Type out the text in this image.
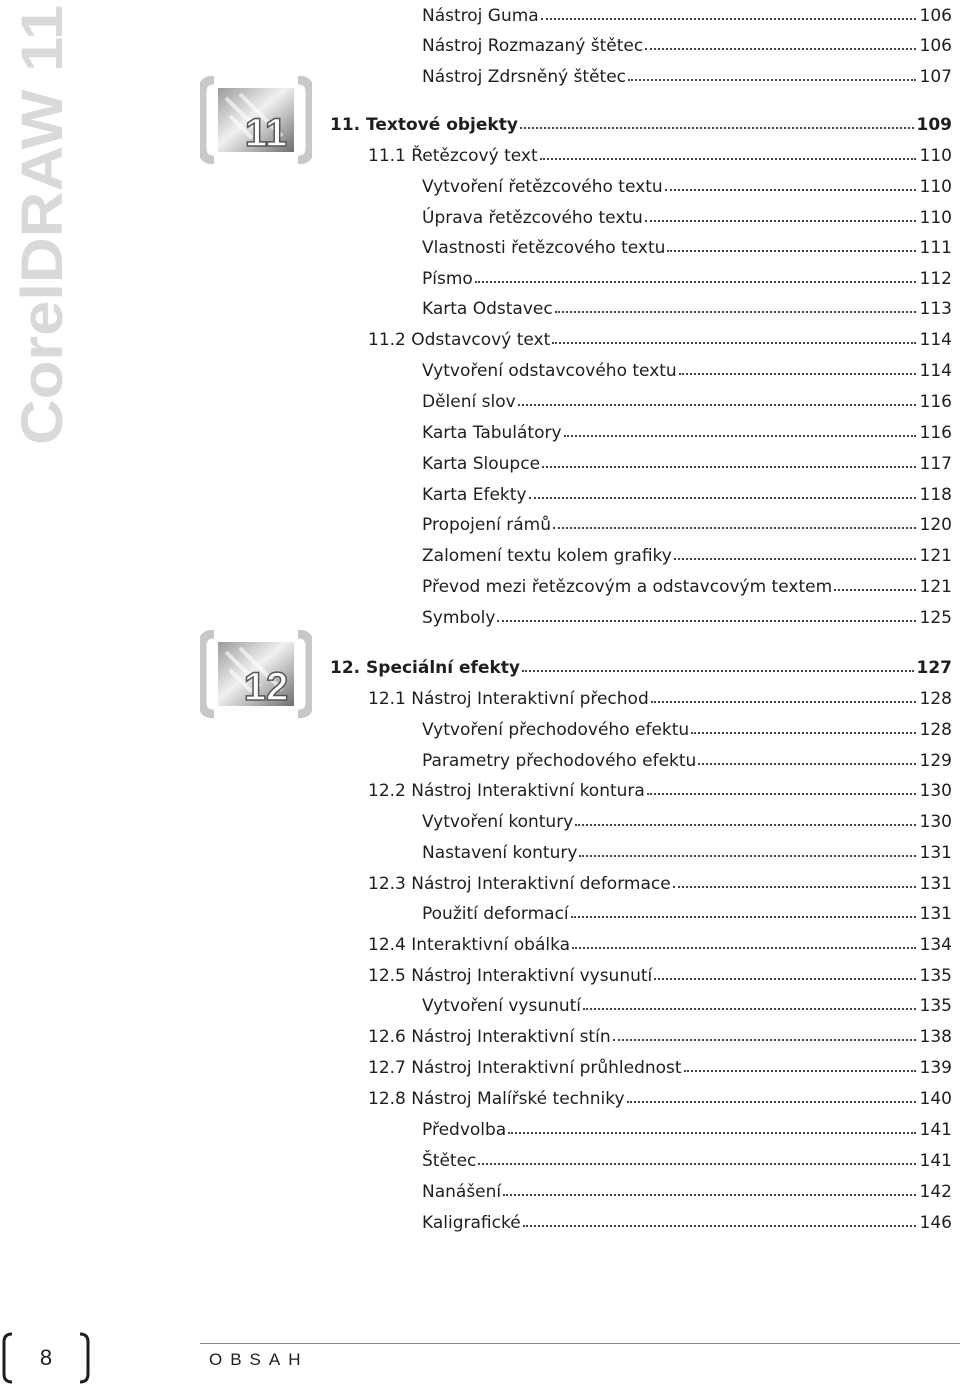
CorelDRAW 11	11
12
Nástroj Guma	106
Nástroj Rozmazaný štětec	106
Nástroj Zdrsněný štětec	107
11. Textové objekty	109
11.1 Řetězcový text	110
Vytvoření řetězcového textu	110
Úprava řetězcového textu	110
Vlastnosti řetězcového textu	111
Písmo	112
Karta Odstavec	113
11.2 Odstavcový text	114
Vytvoření odstavcového textu	114
Dělení slov	116
Karta Tabulátory	116
Karta Sloupce	117
Karta Efekty	118
Propojení rámů	120
Zalomení textu kolem grafiky	121
Převod mezi řetězcovým a odstavcovým textem	121
Symboly	125
12. Speciální efekty	127
12.1 Nástroj Interaktivní přechod	128
Vytvoření přechodového efektu	128
Parametry přechodového efektu	129
12.2 Nástroj Interaktivní kontura	130
Vytvoření kontury	130
Nastavení kontury	131
12.3 Nástroj Interaktivní deformace	131
Použití deformací	131
12.4 Interaktivní obálka	134
12.5 Nástroj Interaktivní vysunutí	135
Vytvoření vysunutí	135
12.6 Nástroj Interaktivní stín	138
12.7 Nástroj Interaktivní průhlednost	139
12.8 Nástroj Malířské techniky	140
Předvolba	141
Štětec	141
Nanášení	142
Kaligrafické	146
8	OBSAH
